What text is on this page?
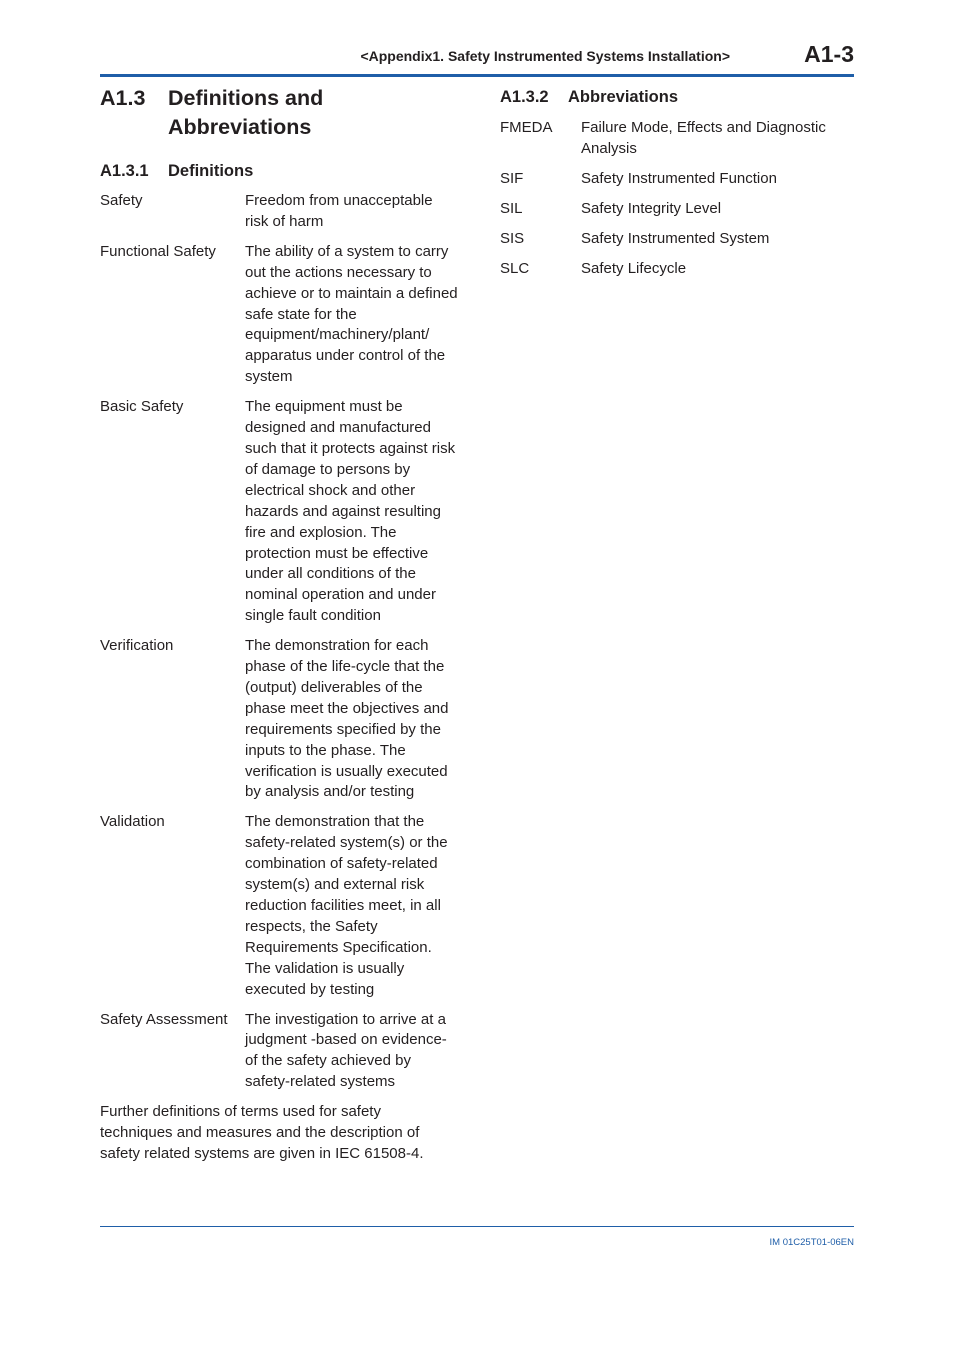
<Appendix1. Safety Instrumented Systems Installation>	A1-3
A1.3	Definitions and Abbreviations
A1.3.1	Definitions
Safety	Freedom from unacceptable risk of harm
Functional Safety	The ability of a system to carry out the actions necessary to achieve or to maintain a defined safe state for the equipment/machinery/plant/ apparatus under control of the system
Basic Safety	The equipment must be designed and manufactured such that it protects against risk of damage to persons by electrical shock and other hazards and against resulting fire and explosion. The protection must be effective under all conditions of the nominal operation and under single fault condition
Verification	The demonstration for each phase of the life-cycle that the (output) deliverables of the phase meet the objectives and requirements specified by the inputs to the phase. The verification is usually executed by analysis and/or testing
Validation	The demonstration that the safety-related system(s) or the combination of safety-related system(s) and external risk reduction facilities meet, in all respects, the Safety Requirements Specification. The validation is usually executed by testing
Safety Assessment	The investigation to arrive at a judgment -based on evidence- of the safety achieved by safety-related systems
Further definitions of terms used for safety techniques and measures and the description of safety related systems are given in IEC 61508-4.
A1.3.2	Abbreviations
FMEDA	Failure Mode, Effects and Diagnostic Analysis
SIF	Safety Instrumented Function
SIL	Safety Integrity Level
SIS	Safety Instrumented System
SLC	Safety Lifecycle
IM 01C25T01-06EN
